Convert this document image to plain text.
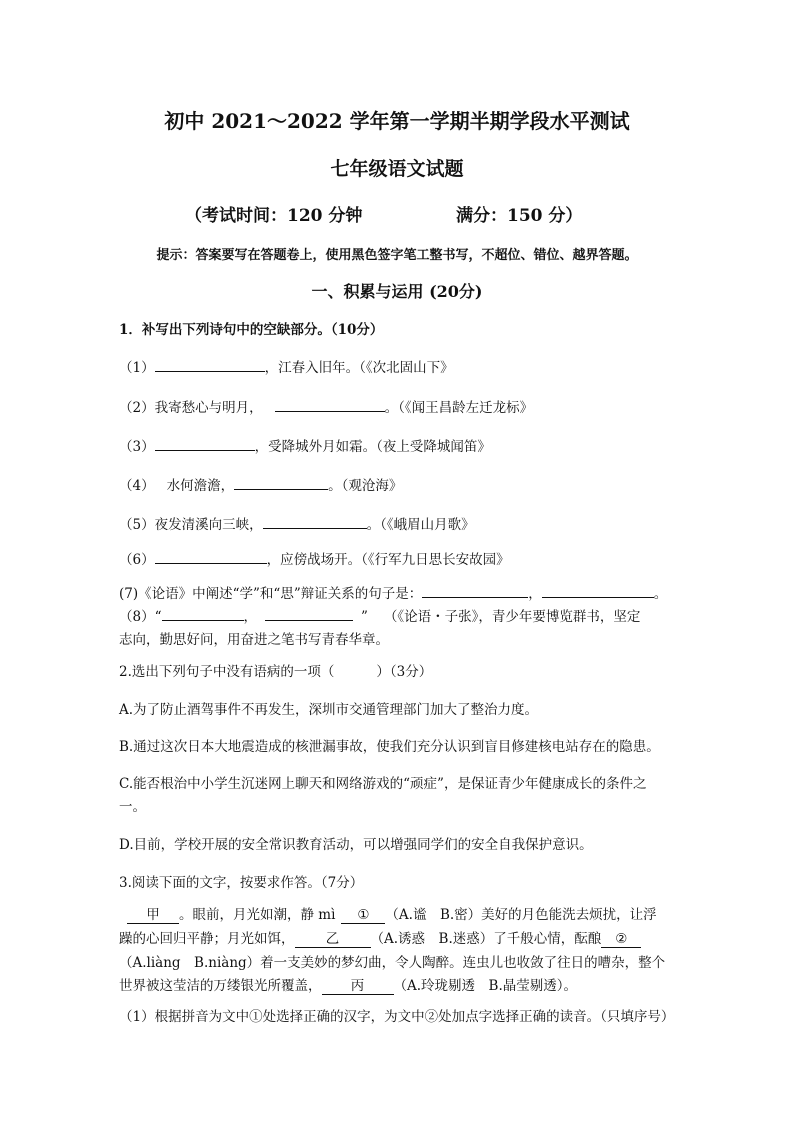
初中 2021～2022 学年第一学期半期学段水平测试
七年级语文试题
（考试时间：120 分钟	满分：150 分）
提示：答案要写在答题卷上，使用黑色签字笔工整书写，不超位、错位、越界答题。
一、积累与运用 (20分)
1．补写出下列诗句中的空缺部分。（10分）
（1）	，江春入旧年。（《次北固山下》
（2）我寄愁心与明月，	。（《闻王昌龄左迁龙标》
（3）	，受降城外月如霜。（夜上受降城闻笛》
（4） 水何澹澹，	。（观沧海》
（5）夜发清溪向三峡，	。（《峨眉山月歌》
（6）	，应傍战场开。（《行军九日思长安故园》
(7)《论语》中阐述“学”和“思”辩证关系的句子是：	，	。
（8）“	，	” （《论语・子张》，青少年要博览群书，坚定
志向，勤思好问，用奋进之笔书写青春华章。
2.选出下列句子中没有语病的一项（	）（3分）
A.为了防止酒驾事件不再发生，深圳市交通管理部门加大了整治力度。
B.通过这次日本大地震造成的核泄漏事故，使我们充分认识到盲目修建核电站存在的隐患。
C.能否根治中小学生沉迷网上聊天和网络游戏的“顽症”，是保证青少年健康成长的条件之
一。
D.目前，学校开展的安全常识教育活动，可以增强同学们的安全自我保护意识。
3.阅读下面的文字，按要求作答。（7分）
甲 。眼前，月光如潮，静 mì ① （A.谧　B.密）美好的月色能洗去烦扰，让浮
躁的心回归平静；月光如饵， 乙 （A.诱惑　B.迷惑）了千般心情，酝酿 ②
（A.liàng　B.niàng）着一支美妙的梦幻曲，令人陶醉。连虫儿也收敛了往日的嘈杂，整个
世界被这莹洁的万缕银光所覆盖， 丙 （A.玲珑剔透　B.晶莹剔透）。
（1）根据拼音为文中①处选择正确的汉字，为文中②处加点字选择正确的读音。（只填序号）
